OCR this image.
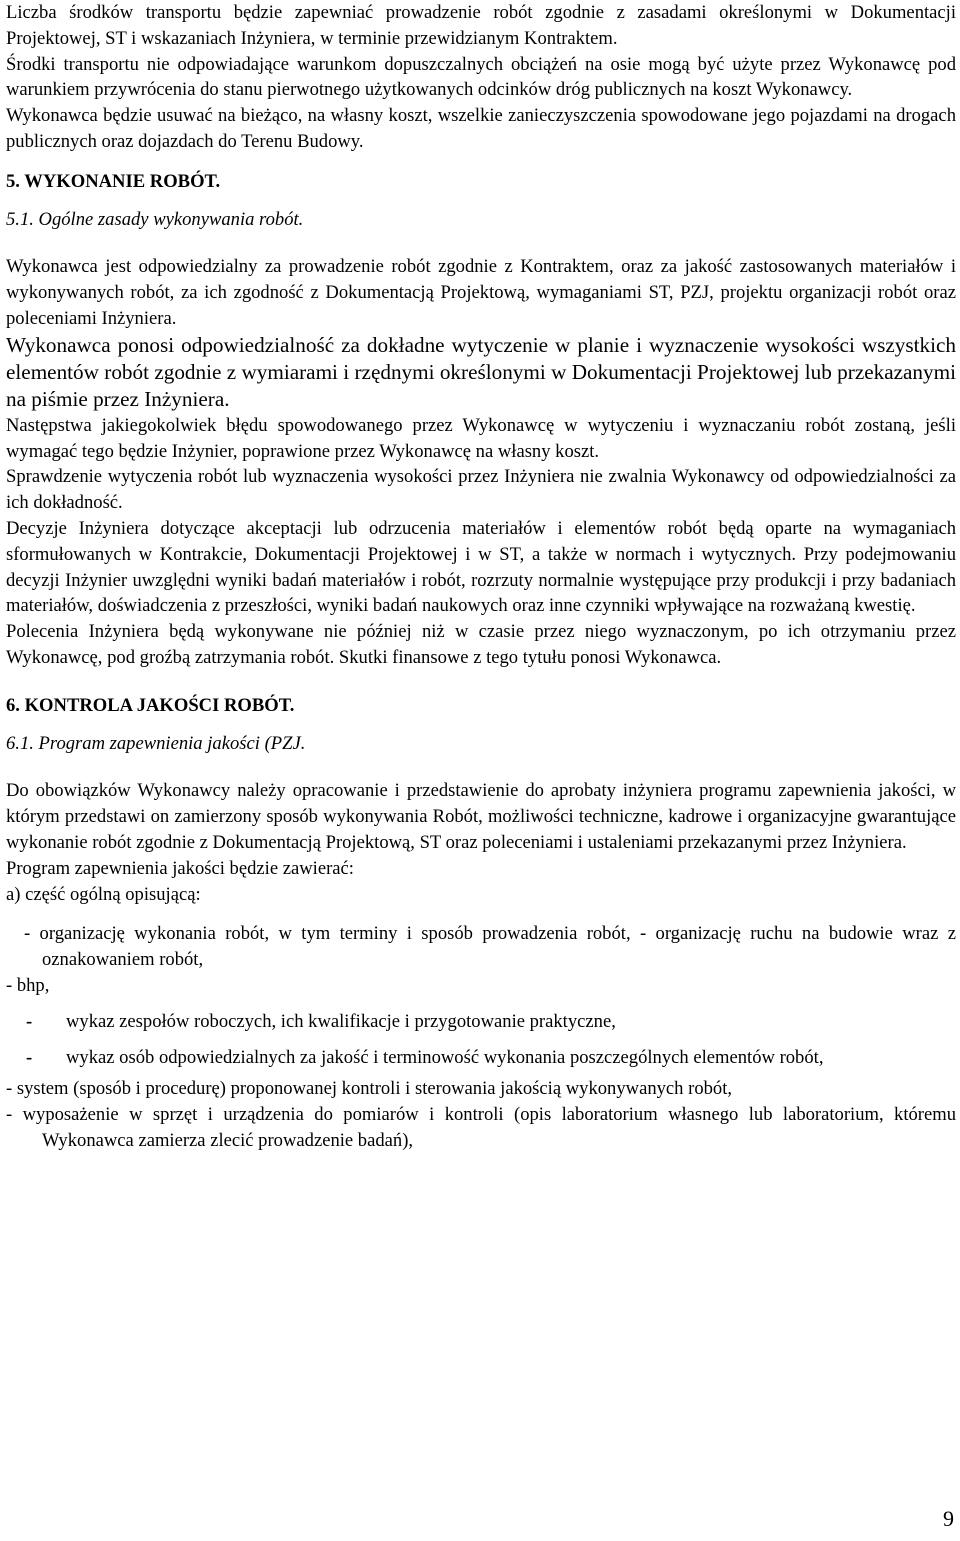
Liczba środków transportu będzie zapewniać prowadzenie robót zgodnie z zasadami określonymi w Dokumentacji Projektowej, ST i wskazaniach Inżyniera, w terminie przewidzianym Kontraktem.

Środki transportu nie odpowiadające warunkom dopuszczalnych obciążeń na osie mogą być użyte przez Wykonawcę pod warunkiem przywrócenia do stanu pierwotnego użytkowanych odcinków dróg publicznych na koszt Wykonawcy.

Wykonawca będzie usuwać na bieżąco, na własny koszt, wszelkie zanieczyszczenia spowodowane jego pojazdami na drogach publicznych oraz dojazdach do Terenu Budowy.

5. WYKONANIE ROBÓT.

5.1. Ogólne zasady wykonywania robót.

Wykonawca jest odpowiedzialny za prowadzenie robót zgodnie z Kontraktem, oraz za jakość zastosowanych materiałów i wykonywanych robót, za ich zgodność z Dokumentacją Projektową, wymaganiami ST, PZJ, projektu organizacji robót oraz poleceniami Inżyniera.

Wykonawca ponosi odpowiedzialność za dokładne wytyczenie w planie i wyznaczenie wysokości wszystkich elementów robót zgodnie z wymiarami i rzędnymi określonymi w Dokumentacji Projektowej lub przekazanymi na piśmie przez Inżyniera.

Następstwa jakiegokolwiek błędu spowodowanego przez Wykonawcę w wytyczeniu i wyznaczaniu robót zostaną, jeśli wymagać tego będzie Inżynier, poprawione przez Wykonawcę na własny koszt.

Sprawdzenie wytyczenia robót lub wyznaczenia wysokości przez Inżyniera nie zwalnia Wykonawcy od odpowiedzialności za ich dokładność.

Decyzje Inżyniera dotyczące akceptacji lub odrzucenia materiałów i elementów robót będą oparte na wymaganiach sformułowanych w Kontrakcie, Dokumentacji Projektowej i w ST, a także w normach i wytycznych. Przy podejmowaniu decyzji Inżynier uwzględni wyniki badań materiałów i robót, rozrzuty normalnie występujące przy produkcji i przy badaniach materiałów, doświadczenia z przeszłości, wyniki badań naukowych oraz inne czynniki wpływające na rozważaną kwestię.

Polecenia Inżyniera będą wykonywane nie później niż w czasie przez niego wyznaczonym, po ich otrzymaniu przez Wykonawcę, pod groźbą zatrzymania robót. Skutki finansowe z tego tytułu ponosi Wykonawca.

6. KONTROLA JAKOŚCI ROBÓT.

6.1. Program zapewnienia jakości (PZJ.

Do obowiązków Wykonawcy należy opracowanie i przedstawienie do aprobaty inżyniera programu zapewnienia jakości, w którym przedstawi on zamierzony sposób wykonywania Robót, możliwości techniczne, kadrowe i organizacyjne gwarantujące wykonanie robót zgodnie z Dokumentacją Projektową, ST oraz poleceniami i ustaleniami przekazanymi przez Inżyniera.

Program zapewnienia jakości będzie zawierać:

a) część ogólną opisującą:

- organizację wykonania robót, w tym terminy i sposób prowadzenia robót, - organizację ruchu na budowie wraz z oznakowaniem robót,

- bhp,

-	wykaz zespołów roboczych, ich kwalifikacje i przygotowanie praktyczne,
-	wykaz osób odpowiedzialnych za jakość i terminowość wykonania poszczególnych elementów robót,

- system (sposób i procedurę) proponowanej kontroli i sterowania jakością wykonywanych robót,

- wyposażenie w sprzęt i urządzenia do pomiarów i kontroli (opis laboratorium własnego lub laboratorium, któremu Wykonawca zamierza zlecić prowadzenie badań),

9
